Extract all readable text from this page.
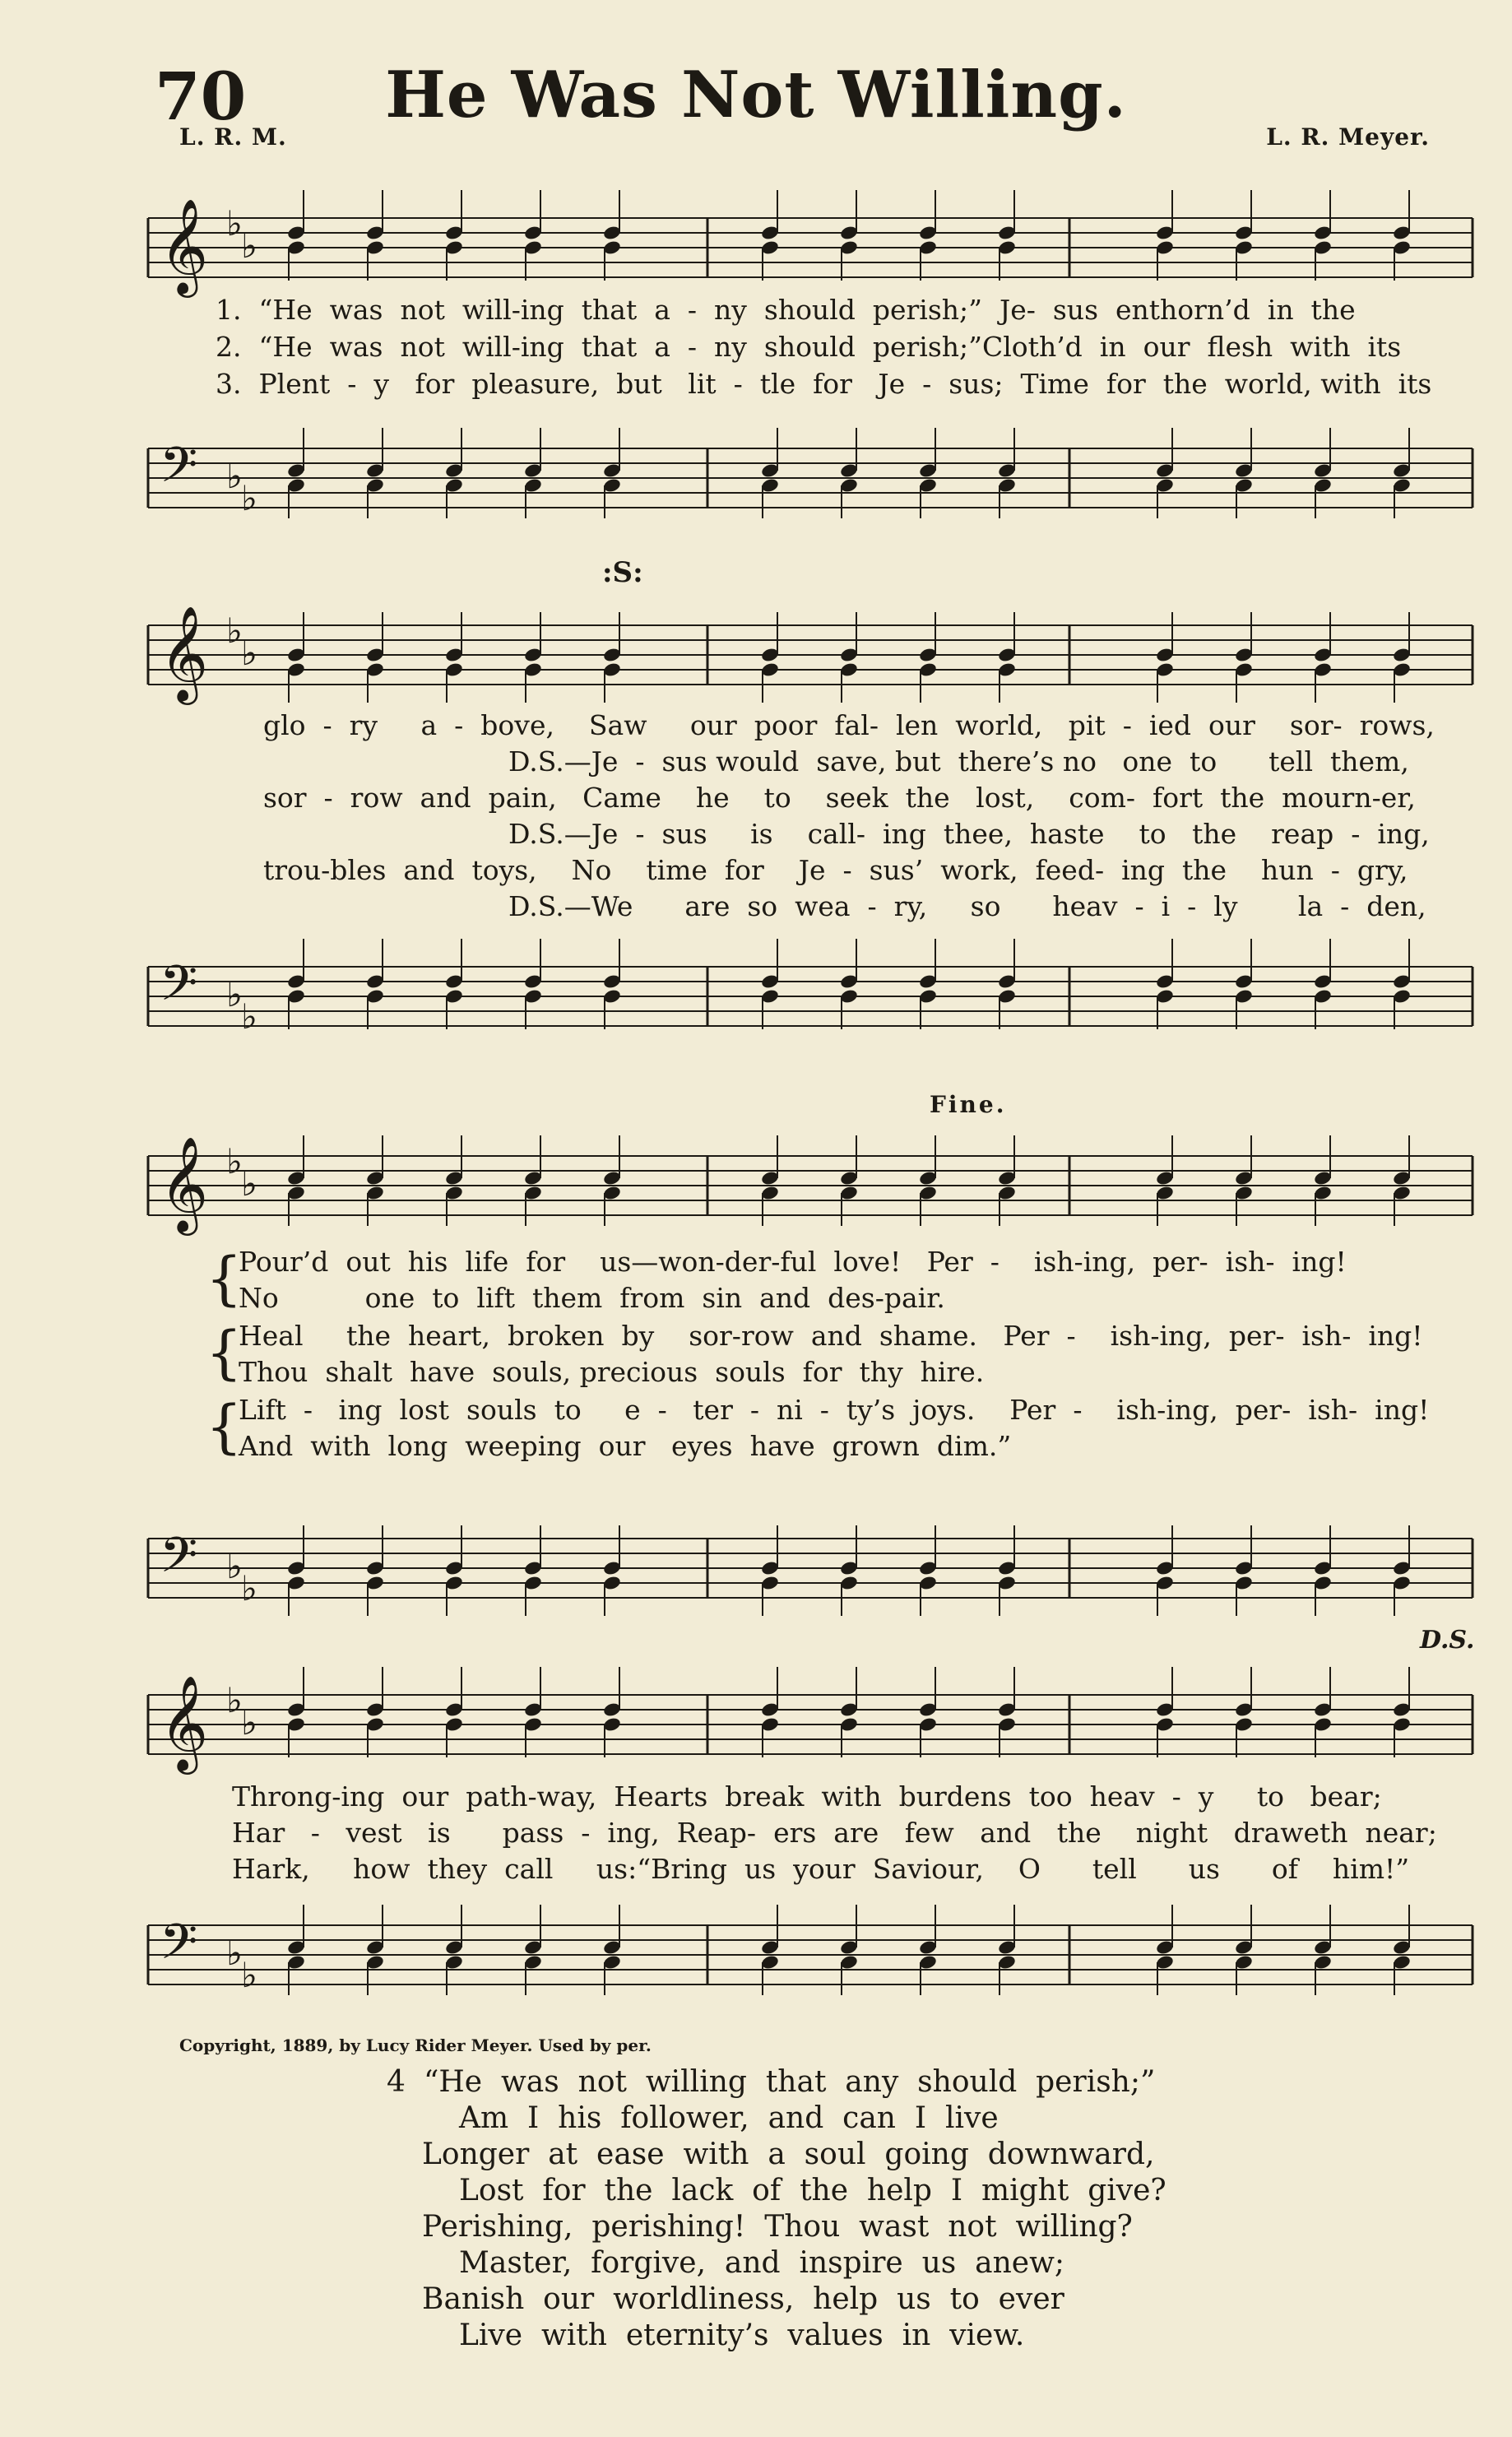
70	He Was Not Willing.
L. R. M.	L. R. Meyer.
𝄞 ♭
♭
1.  “He  was  not  will-ing  that  a  -  ny  should  perish;”  Je-  sus  enthorn’d  in  the
2.  “He  was  not  will-ing  that  a  -  ny  should  perish;”Cloth’d  in  our  flesh  with  its
3.  Plent  -  y   for  pleasure,  but   lit  -  tle  for   Je  -  sus;  Time  for  the  world, with  its
𝄢 ♭
♭
:S:
𝄞 ♭
♭
glo  -  ry     a  -  bove,    Saw     our  poor  fal-  len  world,   pit  -  ied  our    sor-  rows,
D.S.—Je  -  sus would  save, but  there’s no   one  to      tell  them,
sor  -  row  and  pain,   Came    he    to    seek  the   lost,    com-  fort  the  mourn-er,
D.S.—Je  -  sus     is    call-  ing  thee,  haste    to   the    reap  -  ing,
trou-bles  and  toys,    No    time  for    Je  -  sus’  work,  feed-  ing  the    hun  -  gry,
D.S.—We      are  so  wea  -  ry,     so      heav  -  i  -  ly       la  -  den,
𝄢 ♭
♭
Fine.
𝄞 ♭
♭
{
{
{
Pour’d  out  his  life  for    us—won-der-ful  love!   Per  -    ish-ing,  per-  ish-  ing!
No          one  to  lift  them  from  sin  and  des-pair.
Heal     the  heart,  broken  by    sor-row  and  shame.   Per  -    ish-ing,  per-  ish-  ing!
Thou  shalt  have  souls, precious  souls  for  thy  hire.
Lift  -   ing  lost  souls  to     e  -   ter  -  ni  -  ty’s  joys.    Per  -    ish-ing,  per-  ish-  ing!
And  with  long  weeping  our   eyes  have  grown  dim.”
𝄢 ♭
♭
D.S.
𝄞 ♭
♭
Throng-ing  our  path-way,  Hearts  break  with  burdens  too  heav  -  y     to   bear;
Har   -   vest   is      pass  -  ing,  Reap-  ers  are   few   and   the    night   draweth  near;
Hark,     how  they  call     us:“Bring  us  your  Saviour,    O      tell      us      of    him!”
𝄢 ♭
♭
Copyright, 1889, by Lucy Rider Meyer. Used by per.
4 “He  was  not  willing  that  any  should  perish;”
Am  I  his  follower,  and  can  I  live
Longer  at  ease  with  a  soul  going  downward,
Lost  for  the  lack  of  the  help  I  might  give?
Perishing,  perishing!  Thou  wast  not  willing?
Master,  forgive,  and  inspire  us  anew;
Banish  our  worldliness,  help  us  to  ever
Live  with  eternity’s  values  in  view.
